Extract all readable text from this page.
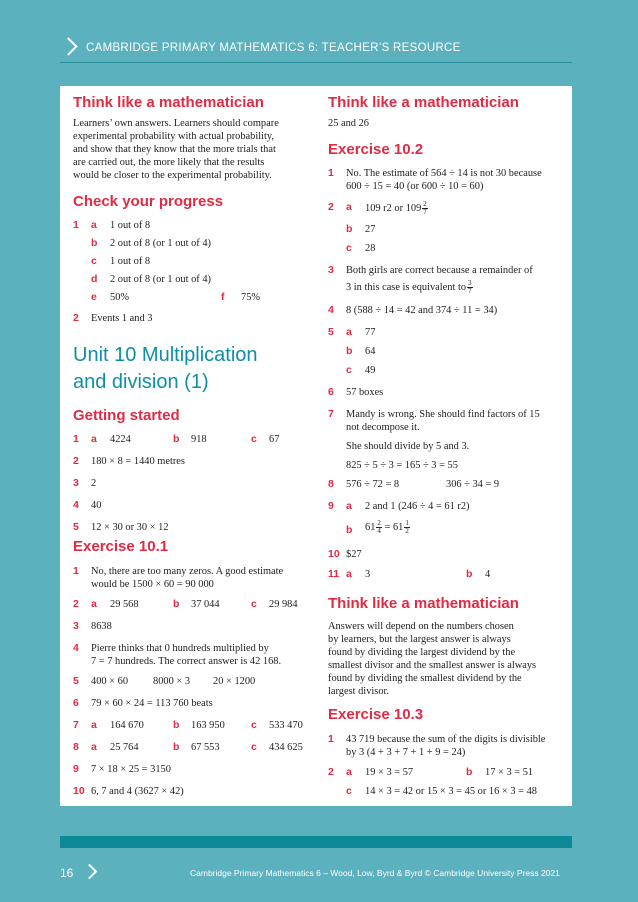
CAMBRIDGE PRIMARY MATHEMATICS 6: TEACHER’S RESOURCE
Think like a mathematician

Learners’ own answers. Learners should compare

experimental probability with actual probability,

and show that they know that the more trials that

are carried out, the more likely that the results

would be closer to the experimental probability.

Check your progress
1 a 1 out of 8
b 2 out of 8 (or 1 out of 4)
c 1 out of 8
d 2 out of 8 (or 1 out of 4)
e 50%	f 75%
2 Events 1 and 3
Unit 10 Multiplication
and division (1)
Getting started
1 a 4224	b 918	c 67
2 180 × 8 = 1440 metres
3 2
4 40
5 12 × 30 or 30 × 12
Exercise 10.1
1 No, there are too many zeros. A good estimate
would be 1500 × 60 = 90 000
2 a 29 568	b 37 044	c 29 984
3 8638
4 Pierre thinks that 0 hundreds multiplied by
7 = 7 hundreds. The correct answer is 42 168.
5 400 × 60 8000 × 3 20 × 1200
6 79 × 60 × 24 = 113 760 beats
7 a 164 670	b 163 950 c 533 470
8 a 25 764	b 67 553	c 434 625
9 7 × 18 × 25 = 3150
10 6, 7 and 4 (3627 × 42)
Think like a mathematician

25 and 26

Exercise 10.2
1 No. The estimate of 564 ÷ 14 is not 30 because
600 ÷ 15 = 40 (or 600 ÷ 10 = 60)
2 a 109 r2 or $109 \frac{2}{7}$
b 27
c 28
3 Both girls are correct because a remainder of
3 in this case is equivalent to $\frac{3}{7}$
4 8 (588 ÷ 14 = 42 and 374 ÷ 11 = 34)
5 a 77
b 64
c 49
6 57 boxes
7 Mandy is wrong. She should find factors of 15
not decompose it.
She should divide by 5 and 3.
825 ÷ 5 ÷ 3 = 165 ÷ 3 = 55
8 576 ÷ 72 = 8	306 ÷ 34 = 9
9 a 2 and 1 (246 ÷ 4 = 61 r2)
b $61 \frac{2}{4} = 61 \frac{1}{2}$
10 $27
11 a 3	b 4
Think like a mathematician

Answers will depend on the numbers chosen

by learners, but the largest answer is always

found by dividing the largest dividend by the

smallest divisor and the smallest answer is always

found by dividing the smallest dividend by the

largest divisor.

Exercise 10.3
1 43 719 because the sum of the digits is divisible
by 3 (4 + 3 + 7 + 1 + 9 = 24)
2 a 19 × 3 = 57	b 17 × 3 = 51
c 14 × 3 = 42 or 15 × 3 = 45 or 16 × 3 = 48
16	Cambridge Primary Mathematics 6 – Wood, Low, Byrd & Byrd © Cambridge University Press 2021
